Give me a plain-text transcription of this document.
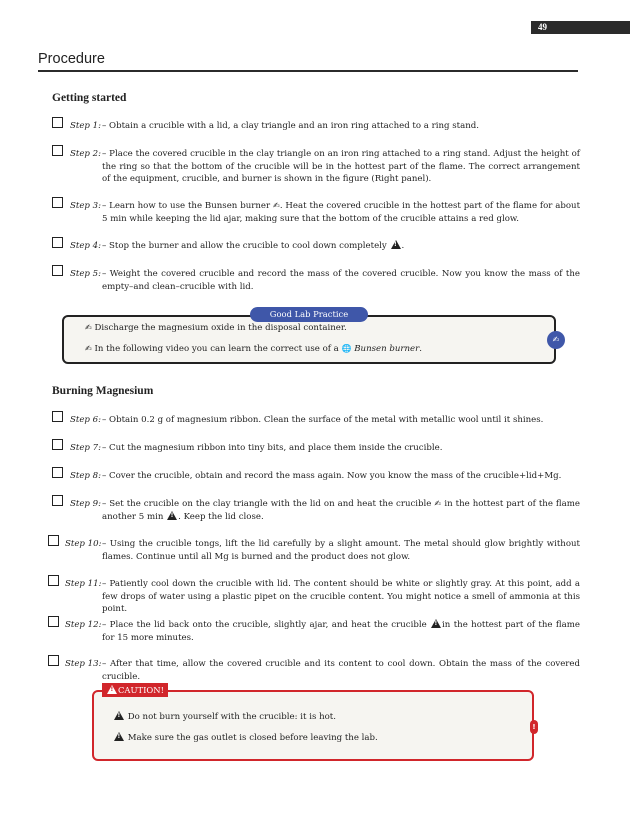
49
Procedure
Getting started
Step 1: – Obtain a crucible with a lid, a clay triangle and an iron ring attached to a ring stand.
Step 2: – Place the covered crucible in the clay triangle on an iron ring attached to a ring stand. Adjust the height of the ring so that the bottom of the crucible will be in the hottest part of the flame. The correct arrangement of the equipment, crucible, and burner is shown in the figure (Right panel).
Step 3: – Learn how to use the Bunsen burner ✍. Heat the covered crucible in the hottest part of the flame for about 5 min while keeping the lid ajar, making sure that the bottom of the crucible attains a red glow.
Step 4: – Stop the burner and allow the crucible to cool down completely ! .
Step 5: – Weight the covered crucible and record the mass of the covered crucible. Now you know the mass of the empty–and clean–crucible with lid.
Good Lab Practice
✍ Discharge the magnesium oxide in the disposal container.
✍ In the following video you can learn the correct use of a 🌐 Bunsen burner.
✍
Burning Magnesium
Step 6: – Obtain 0.2 g of magnesium ribbon. Clean the surface of the metal with metallic wool until it shines.
Step 7: – Cut the magnesium ribbon into tiny bits, and place them inside the crucible.
Step 8: – Cover the crucible, obtain and record the mass again. Now you know the mass of the crucible+lid+Mg.
Step 9: – Set the crucible on the clay triangle with the lid on and heat the crucible ✍ in the hottest part of the flame another 5 min ! . Keep the lid close.
Step 10: – Using the crucible tongs, lift the lid carefully by a slight amount. The metal should glow brightly without flames. Continue until all Mg is burned and the product does not glow.
Step 11: – Patiently cool down the crucible with lid. The content should be white or slightly gray. At this point, add a few drops of water using a plastic pipet on the crucible content. You might notice a smell of ammonia at this point.
Step 12: – Place the lid back onto the crucible, slightly ajar, and heat the crucible ! in the hottest part of the flame for 15 more minutes.
Step 13: – After that time, allow the covered crucible and its content to cool down. Obtain the mass of the covered crucible.
!CAUTION!
! Do not burn yourself with the crucible: it is hot.
! Make sure the gas outlet is closed before leaving the lab.
!
